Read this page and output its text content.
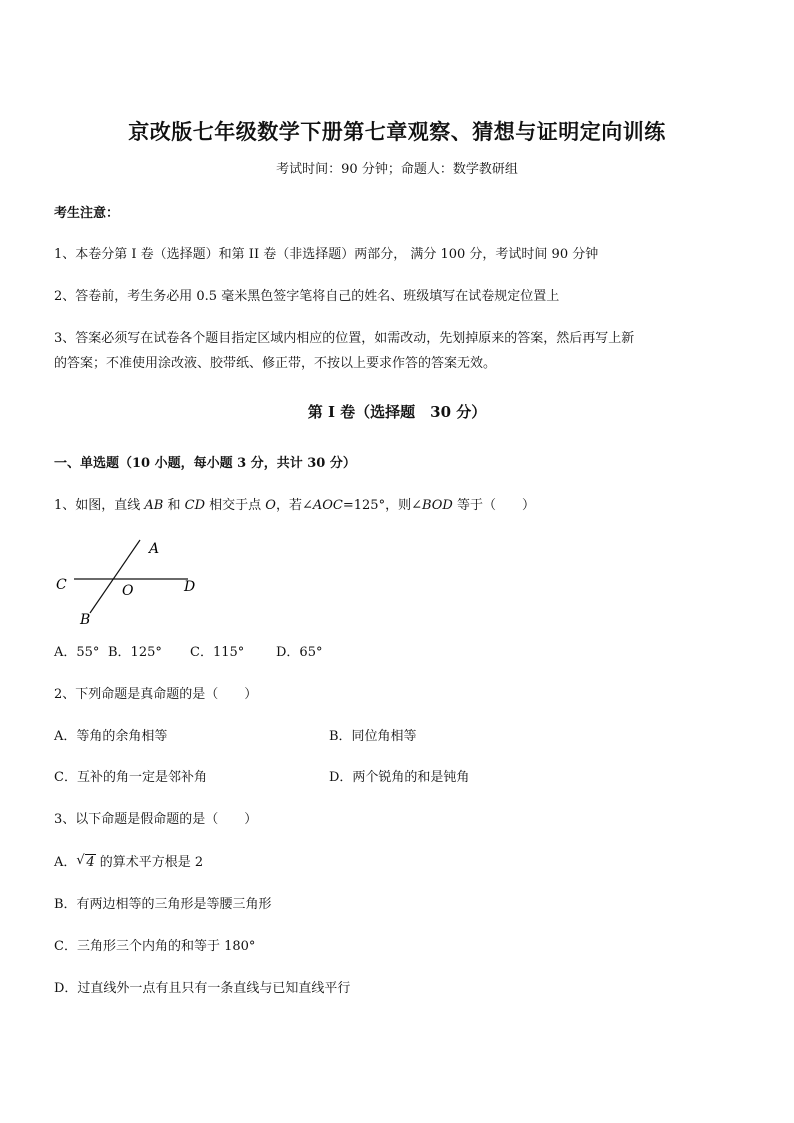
京改版七年级数学下册第七章观察、猜想与证明定向训练
考试时间：90 分钟；命题人：数学教研组
考生注意：
1、本卷分第 I 卷（选择题）和第 II 卷（非选择题）两部分， 满分 100 分，考试时间 90 分钟
2、答卷前，考生务必用 0.5 毫米黑色签字笔将自己的姓名、班级填写在试卷规定位置上
3、答案必须写在试卷各个题目指定区域内相应的位置，如需改动，先划掉原来的答案，然后再写上新
的答案；不准使用涂改液、胶带纸、修正带，不按以上要求作答的答案无效。
第 I 卷（选择题　30 分）
一、单选题（10 小题，每小题 3 分，共计 30 分）
1、如图，直线 AB 和 CD 相交于点 O，若∠AOC=125°，则∠BOD 等于（　　）
A
C	D
O
B
A．55° B．125° C．115° D．65°
2、下列命题是真命题的是（　　）
A．等角的余角相等	B．同位角相等
C．互补的角一定是邻补角	D．两个锐角的和是钝角
3、以下命题是假命题的是（　　）
A． √ 4 的算术平方根是 2
B．有两边相等的三角形是等腰三角形
C．三角形三个内角的和等于 180°
D．过直线外一点有且只有一条直线与已知直线平行
